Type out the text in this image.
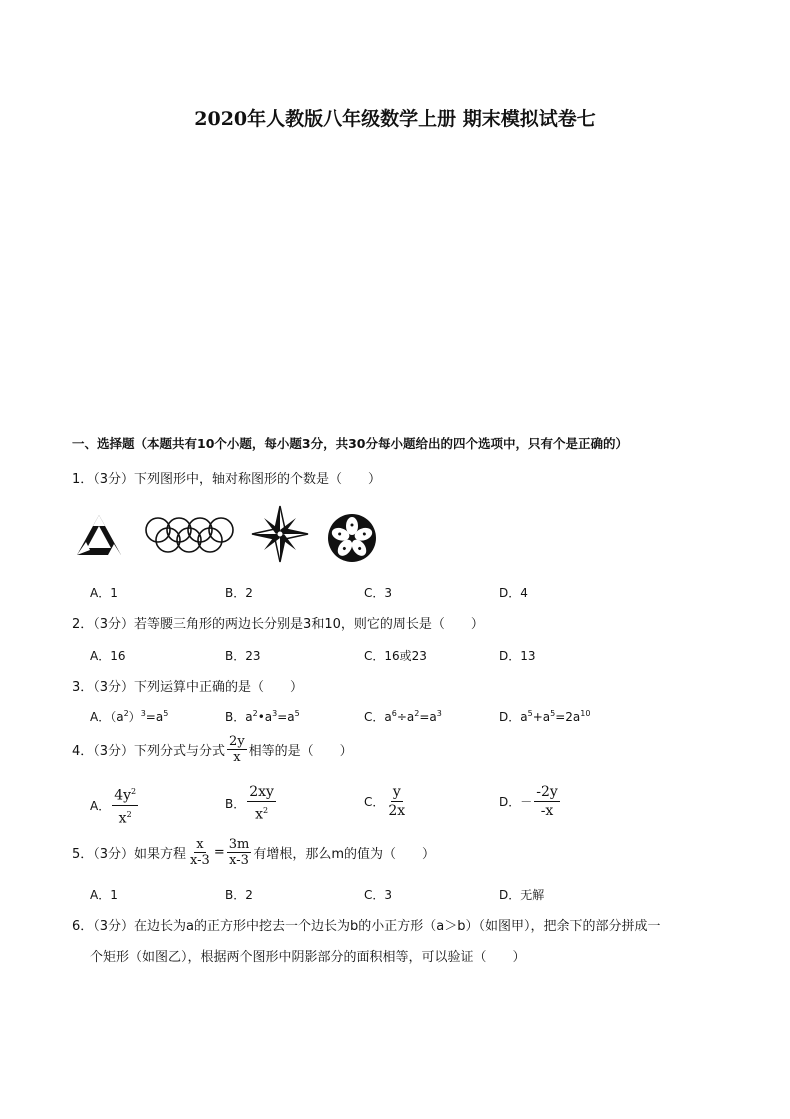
2020年人教版八年级数学上册 期末模拟试卷七
一、选择题（本题共有10个小题，每小题3分，共30分每小题给出的四个选项中，只有个是正确的）
1．（3分）下列图形中，轴对称图形的个数是（　　）
A．1	B．2	C．3	D．4
2．（3分）若等腰三角形的两边长分别是3和10，则它的周长是（　　）
A．16	B．23	C．16或23	D．13
3．（3分）下列运算中正确的是（　　）
A．$(a^2)^3=a^5$	B．$a^2•a^3=a^5$	C．$a^6\div a^2=a^3$	D．$a^5+a^5=2a^{10}$
4．（3分）下列分式与分式 $\frac{2y}{x}$ 相等的是（　　）
A． $\frac{4y^2}{x^2}$	B． $\frac{2xy}{x^2}$	C． $\frac{y}{2x}$	D．－ $\frac{-2y}{-x}$
5．（3分）如果方程 $\frac{x}{x-3} = \frac{3m}{x-3}$ 有增根，那么m的值为（　　）
A．1	B．2	C．3	D．无解
6．（3分）在边长为a的正方形中挖去一个边长为b的小正方形（a＞b）（如图甲），把余下的部分拼成一
个矩形（如图乙），根据两个图形中阴影部分的面积相等，可以验证（　　）
